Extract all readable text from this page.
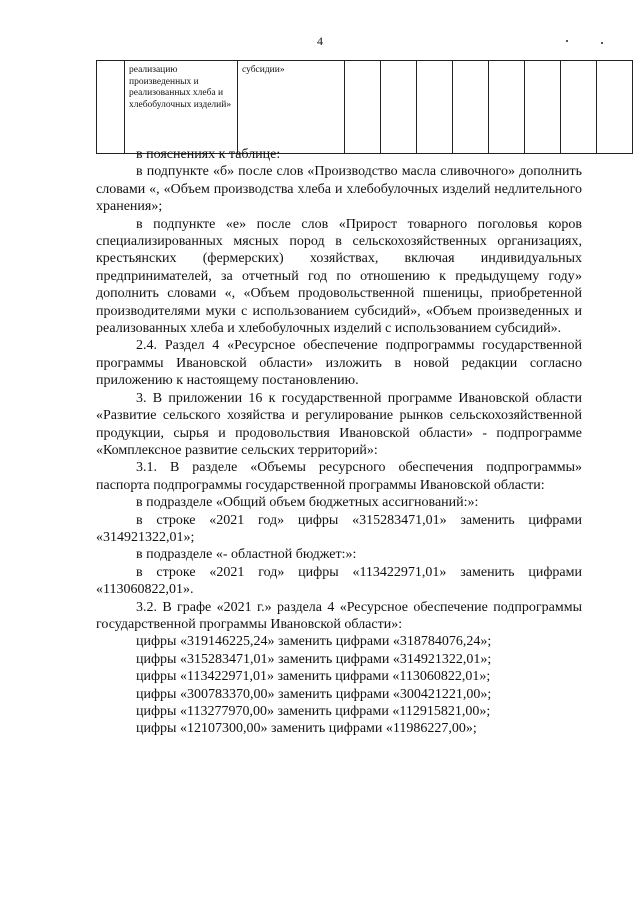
4
	реализацию произведенных и реализованных хлеба и хлебобулочных изделий»	субсидии»								

в пояснениях к таблице:

в подпункте «б» после слов «Производство масла сливочного» дополнить словами «, «Объем производства хлеба и хлебобулочных изделий недлительного хранения»;

в подпункте «е» после слов «Прирост товарного поголовья коров специализированных мясных пород в сельскохозяйственных организациях, крестьянских (фермерских) хозяйствах, включая индивидуальных предпринимателей, за отчетный год по отношению к предыдущему году» дополнить словами «, «Объем продовольственной пшеницы, приобретенной производителями муки с использованием субсидий», «Объем произведенных и реализованных хлеба и хлебобулочных изделий с использованием субсидий».

2.4. Раздел 4 «Ресурсное обеспечение подпрограммы государственной программы Ивановской области» изложить в новой редакции согласно приложению к настоящему постановлению.

3. В приложении 16 к государственной программе Ивановской области «Развитие сельского хозяйства и регулирование рынков сельскохозяйственной продукции, сырья и продовольствия Ивановской области» - подпрограмме «Комплексное развитие сельских территорий»:

3.1. В разделе «Объемы ресурсного обеспечения подпрограммы» паспорта подпрограммы государственной программы Ивановской области:

в подразделе «Общий объем бюджетных ассигнований:»:

в строке «2021 год» цифры «315283471,01» заменить цифрами «314921322,01»;

в подразделе «- областной бюджет:»:

в строке «2021 год» цифры «113422971,01» заменить цифрами «113060822,01».

3.2. В графе «2021 г.» раздела 4 «Ресурсное обеспечение подпрограммы государственной программы Ивановской области»:

цифры «319146225,24» заменить цифрами «318784076,24»;

цифры «315283471,01» заменить цифрами «314921322,01»;

цифры «113422971,01» заменить цифрами «113060822,01»;

цифры «300783370,00» заменить цифрами «300421221,00»;

цифры «113277970,00» заменить цифрами «112915821,00»;

цифры «12107300,00» заменить цифрами «11986227,00»;
